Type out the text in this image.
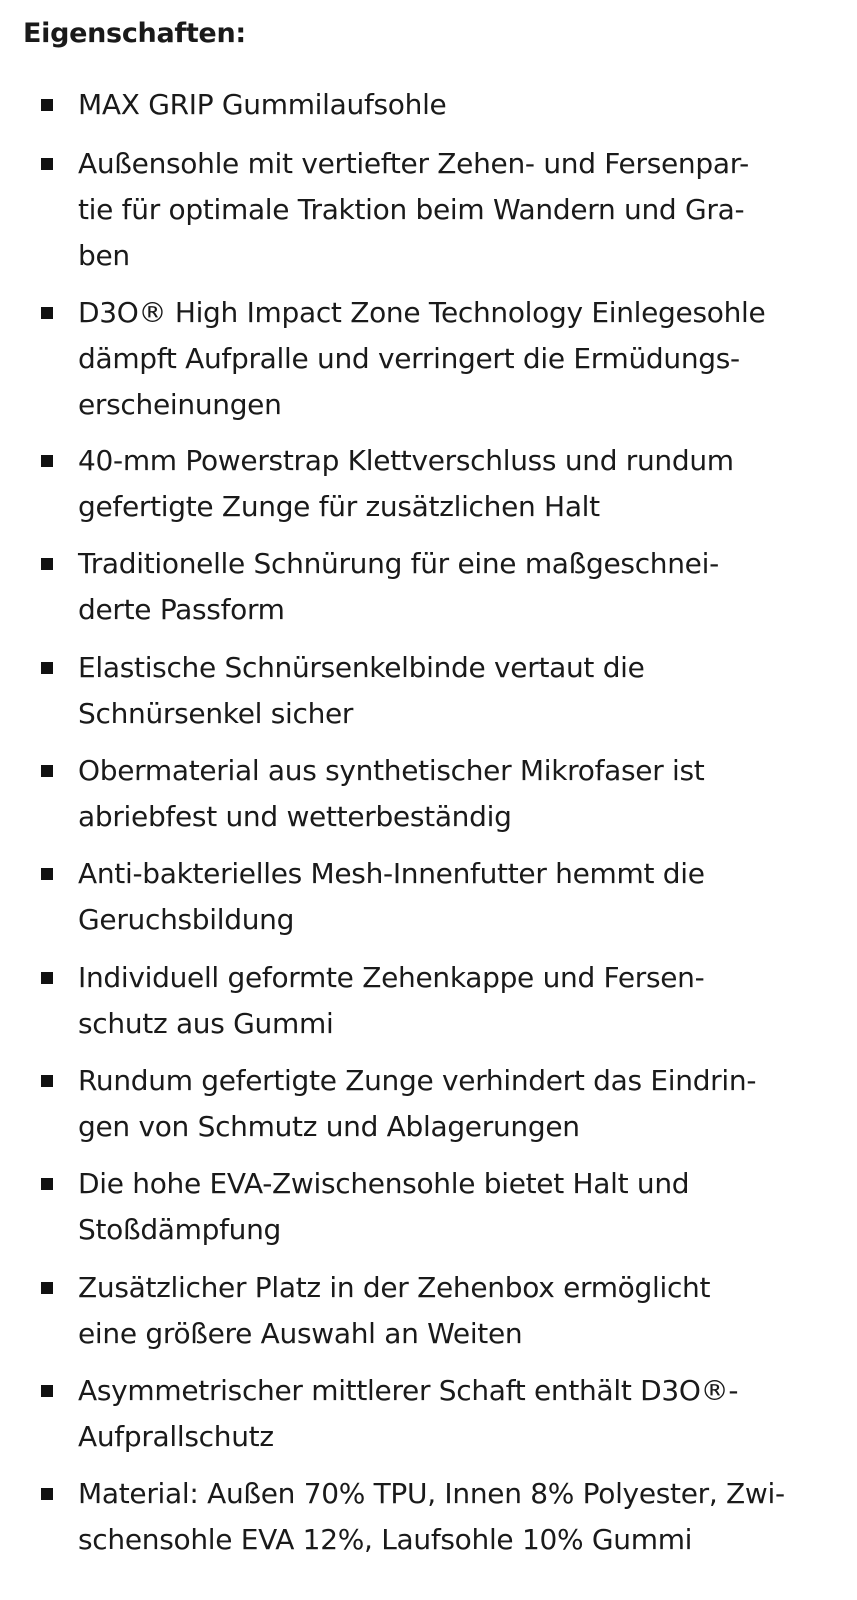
Eigenschaften:
MAX GRIP Gummilaufsohle
Außensohle mit vertiefter Zehen- und Fersenpar-
tie für optimale Traktion beim Wandern und Gra-
ben
D3O® High Impact Zone Technology Einlegesohle
dämpft Aufpralle und verringert die Ermüdungs-
erscheinungen
40-mm Powerstrap Klettverschluss und rundum
gefertigte Zunge für zusätzlichen Halt
Traditionelle Schnürung für eine maßgeschnei-
derte Passform
Elastische Schnürsenkelbinde vertaut die
Schnürsenkel sicher
Obermaterial aus synthetischer Mikrofaser ist
abriebfest und wetterbeständig
Anti-bakterielles Mesh-Innenfutter hemmt die
Geruchsbildung
Individuell geformte Zehenkappe und Fersen-
schutz aus Gummi
Rundum gefertigte Zunge verhindert das Eindrin-
gen von Schmutz und Ablagerungen
Die hohe EVA-Zwischensohle bietet Halt und
Stoßdämpfung
Zusätzlicher Platz in der Zehenbox ermöglicht
eine größere Auswahl an Weiten
Asymmetrischer mittlerer Schaft enthält D3O®-
Aufprallschutz
Material: Außen 70% TPU, Innen 8% Polyester, Zwi-
schensohle EVA 12%, Laufsohle 10% Gummi
